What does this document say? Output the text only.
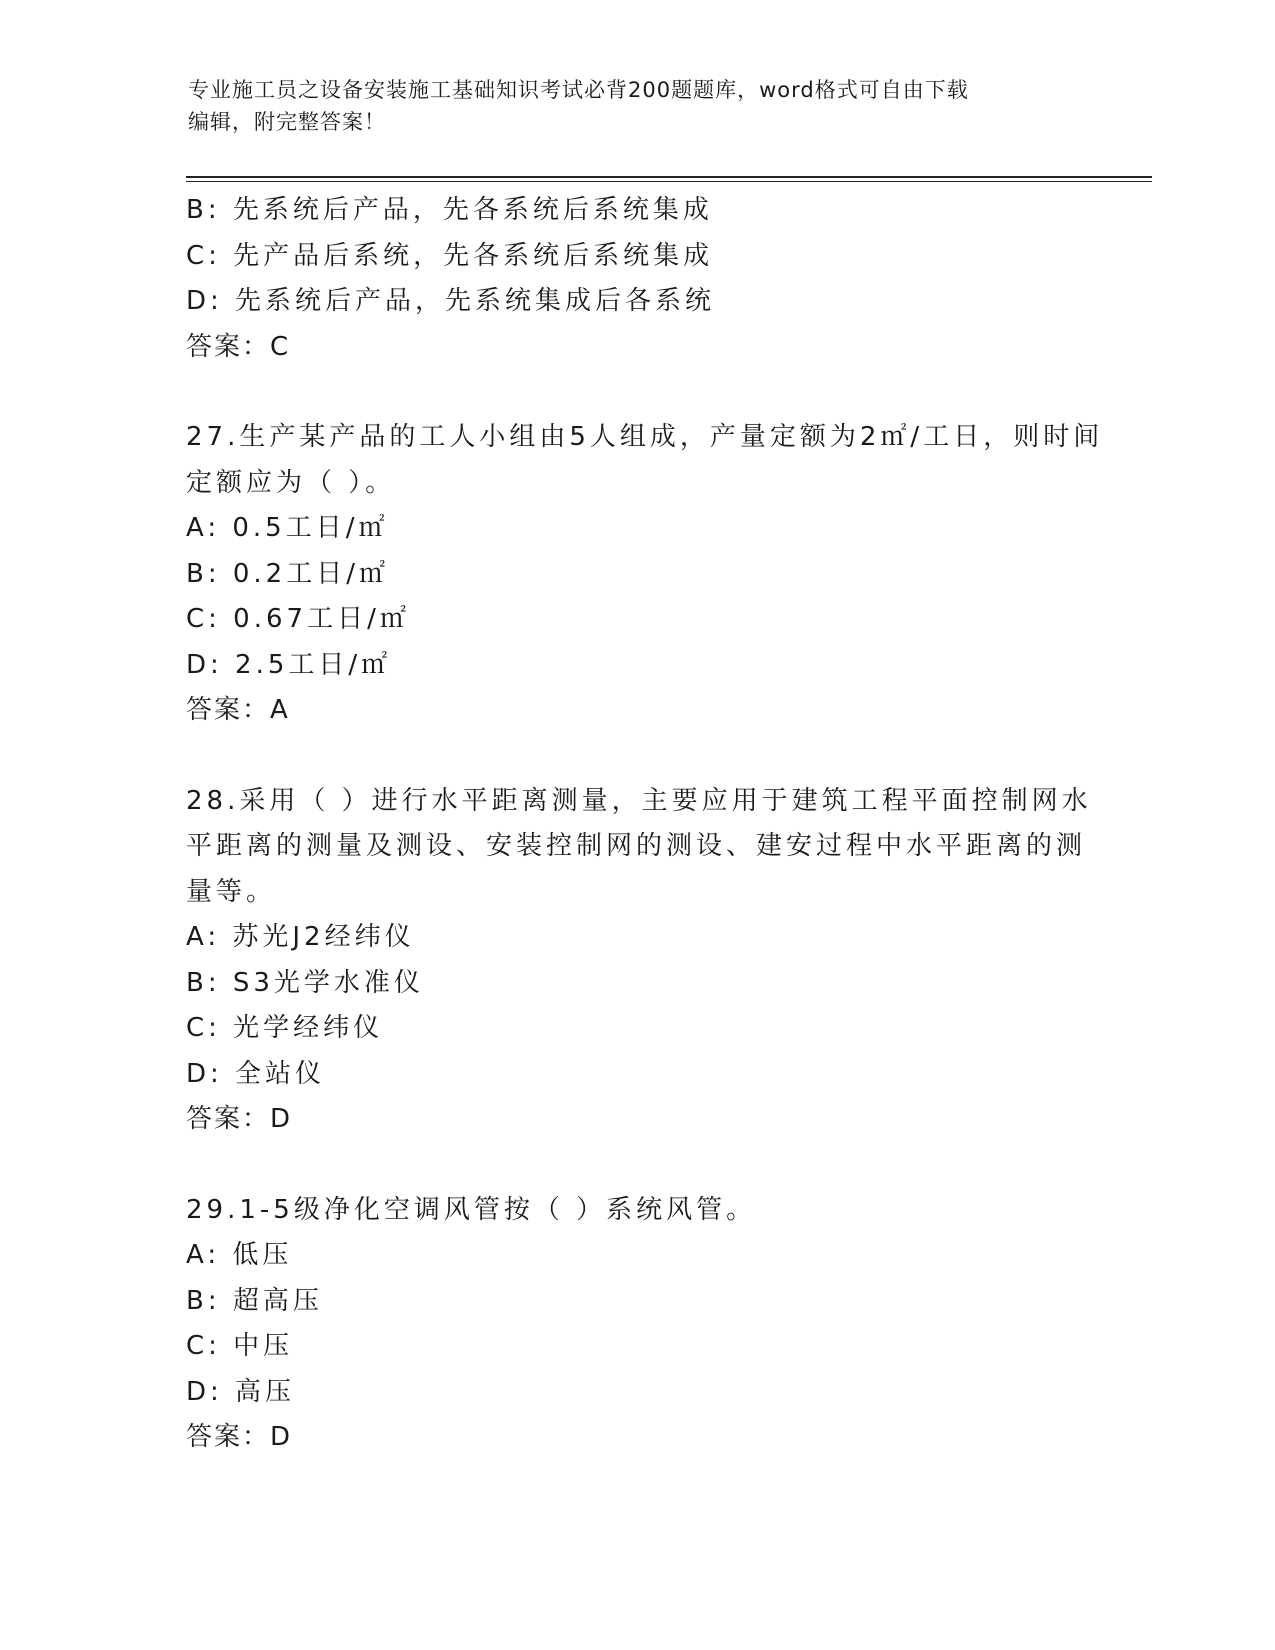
专业施工员之设备安装施工基础知识考试必背200题题库，word格式可自由下载
编辑，附完整答案！
B: 先系统后产品，先各系统后系统集成
C: 先产品后系统，先各系统后系统集成
D: 先系统后产品，先系统集成后各系统
答案：C
27.生产某产品的工人小组由5人组成，产量定额为2㎡/工日，则时间
定额应为（ ）。
A: 0.5工日/㎡
B: 0.2工日/㎡
C: 0.67工日/㎡
D: 2.5工日/㎡
答案：A
28.采用（ ）进行水平距离测量，主要应用于建筑工程平面控制网水
平距离的测量及测设、安装控制网的测设、建安过程中水平距离的测
量等。
A: 苏光J2经纬仪
B: S3光学水准仪
C: 光学经纬仪
D: 全站仪
答案：D
29.1-5级净化空调风管按（ ）系统风管。
A: 低压
B: 超高压
C: 中压
D: 高压
答案：D
